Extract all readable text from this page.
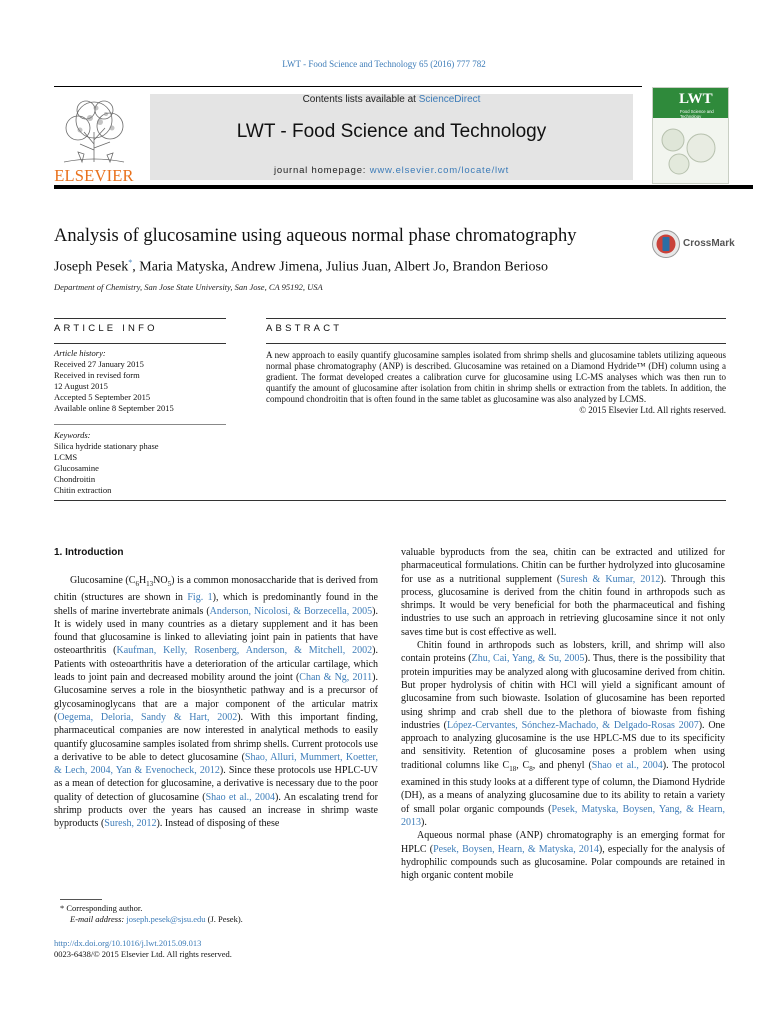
LWT - Food Science and Technology 65 (2016) 777 782
ELSEVIER
Contents lists available at ScienceDirect
LWT - Food Science and Technology
journal homepage: www.elsevier.com/locate/lwt
LWT
Food Science and Technology
Analysis of glucosamine using aqueous normal phase chromatography	CrossMark
Joseph Pesek*, Maria Matyska, Andrew Jimena, Julius Juan, Albert Jo, Brandon Berioso
Department of Chemistry, San Jose State University, San Jose, CA 95192, USA
ARTICLE INFO
Article history:
Received 27 January 2015
Received in revised form
12 August 2015
Accepted 5 September 2015
Available online 8 September 2015
Keywords:
Silica hydride stationary phase
LCMS
Glucosamine
Chondroitin
Chitin extraction
ABSTRACT
A new approach to easily quantify glucosamine samples isolated from shrimp shells and glucosamine tablets utilizing aqueous normal phase chromatography (ANP) is described. Glucosamine was retained on a Diamond Hydride™ (DH) column using a gradient. The format developed creates a calibration curve for glucosamine using LC-MS analyses which was then run to quantify the amount of glucosamine after isolation from chitin in shrimp shells or extraction from the tablets. In addition, the compound chondroitin that is often found in the same tablet as glucosamine was also analyzed by LCMS.
© 2015 Elsevier Ltd. All rights reserved.
1. Introduction

Glucosamine $(C_6H_{13}NO_5)$ is a common monosaccharide that is derived from chitin (structures are shown in Fig. 1), which is predominantly found in the shells of marine invertebrate animals (Anderson, Nicolosi, & Borzecella, 2005). It is widely used in many countries as a dietary supplement and it has been found that glucosamine is linked to alleviating joint pain in patients that have osteoarthritis (Kaufman, Kelly, Rosenberg, Anderson, & Mitchell, 2002). Patients with osteoarthritis have a deterioration of the articular cartilage, which leads to joint pain and decreased mobility around the joint (Chan & Ng, 2011). Glucosamine serves a role in the biosynthetic pathway and is a precursor of glycosaminoglycans that are a major component of the articular matrix (Oegema, Deloria, Sandy & Hart, 2002). With this important finding, pharmaceutical companies are now interested in analytical methods to easily quantify glucosamine samples isolated from shrimp shells. Current protocols use a derivative to be able to detect glucosamine (Shao, Alluri, Mummert, Koetter, & Lech, 2004, Yan & Evenocheck, 2012). Since these protocols use HPLC-UV as a mean of detection for glucosamine, a derivative is necessary due to the poor quality of detection of glucosamine (Shao et al., 2004). An escalating trend for shrimp products over the years has caused an increase in shrimp waste byproducts (Suresh, 2012). Instead of disposing of these

valuable byproducts from the sea, chitin can be extracted and utilized for pharmaceutical formulations. Chitin can be further hydrolyzed into glucosamine for use as a nutritional supplement (Suresh & Kumar, 2012). Through this process, glucosamine is derived from the chitin found in arthropods such as shrimps. It would be very beneficial for both the pharmaceutical and fishing industries to use such an approach in retrieving glucosamine since it not only saves time but is cost effective as well.

Chitin found in arthropods such as lobsters, krill, and shrimp will also contain proteins (Zhu, Cai, Yang, & Su, 2005). Thus, there is the possibility that protein impurities may be analyzed along with glucosamine derived from chitin. But proper hydrolysis of chitin with HCl will yield a significant amount of glucosamine from such biowaste. Isolation of glucosamine has been reported using shrimp and crab shell due to the plethora of biowaste from fishing industries (López-Cervantes, Sónchez-Machado, & Delgado-Rosas 2007). One approach to analyzing glucosamine is the use HPLC-MS due to its specificity and sensitivity. Retention of glucosamine poses a problem when using traditional columns like $C_{18}$, $C_8$, and phenyl (Shao et al., 2004). The protocol examined in this study looks at a different type of column, the Diamond Hydride (DH), as a means of analyzing glucosamine due to its ability to retain a variety of small polar organic compounds (Pesek, Matyska, Boysen, Yang, & Hearn, 2013).

Aqueous normal phase (ANP) chromatography is an emerging format for HPLC (Pesek, Boysen, Hearn, & Matyska, 2014), especially for the analysis of hydrophilic compounds such as glucosamine. Polar compounds are retained in high organic content mobile

* Corresponding author.
E-mail address: joseph.pesek@sjsu.edu (J. Pesek).
http://dx.doi.org/10.1016/j.lwt.2015.09.013
0023-6438/© 2015 Elsevier Ltd. All rights reserved.
